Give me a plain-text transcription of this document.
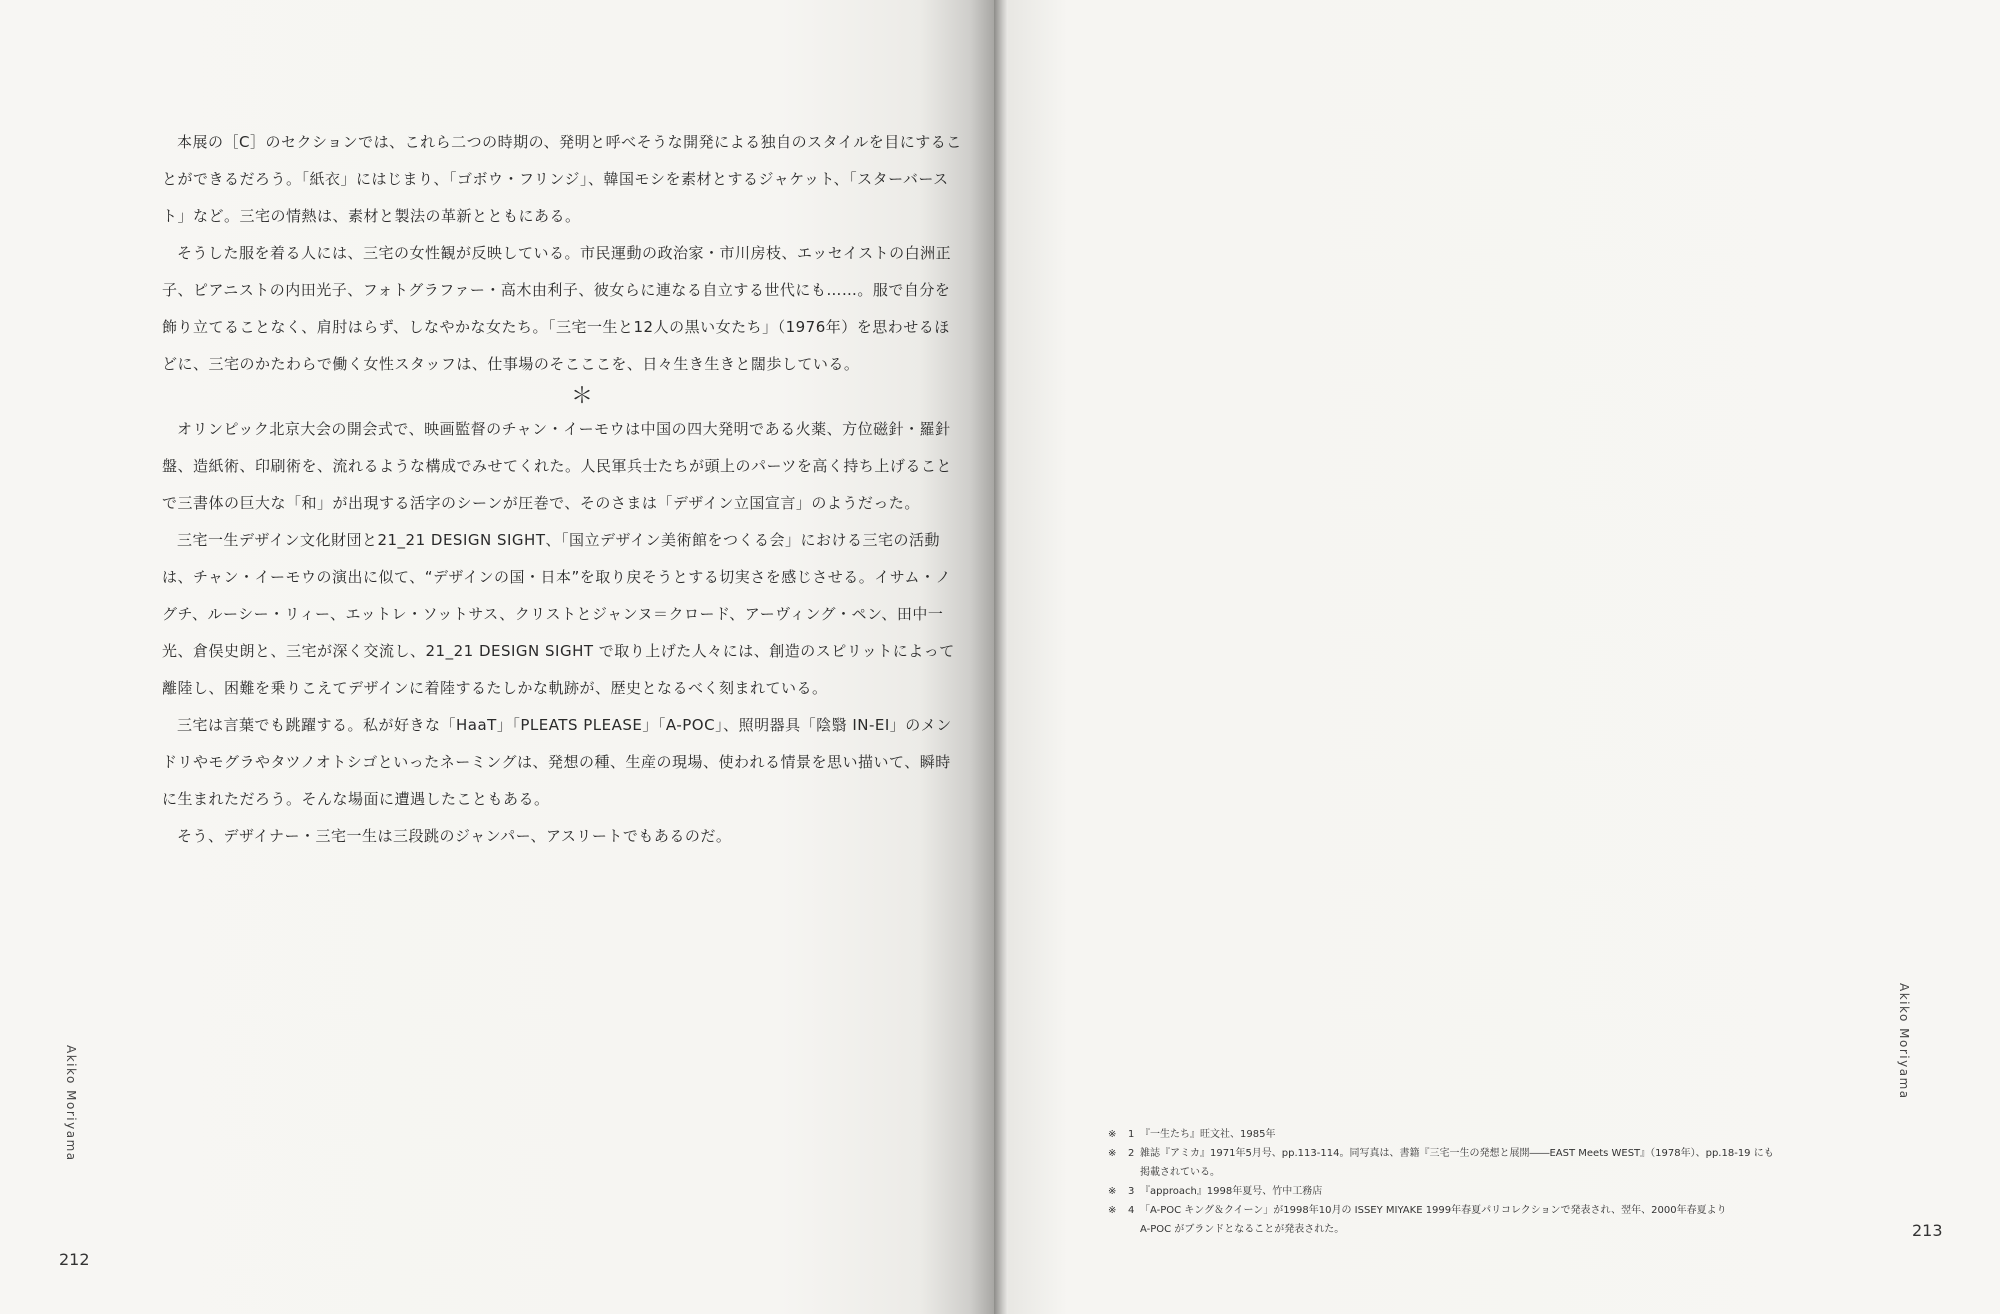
本展の［C］のセクションでは、これら二つの時期の、発明と呼べそうな開発による独自のスタイルを目にすることができるだろう。「紙衣」にはじまり、「ゴボウ・フリンジ」、韓国モシを素材とするジャケット、「スターバースト」など。三宅の情熱は、素材と製法の革新とともにある。

そうした服を着る人には、三宅の女性観が反映している。市民運動の政治家・市川房枝、エッセイストの白洲正子、ピアニストの内田光子、フォトグラファー・高木由利子、彼女らに連なる自立する世代にも……。服で自分を飾り立てることなく、肩肘はらず、しなやかな女たち。「三宅一生と12人の黒い女たち」（1976年）を思わせるほどに、三宅のかたわらで働く女性スタッフは、仕事場のそこここを、日々生き生きと闊歩している。

＊

オリンピック北京大会の開会式で、映画監督のチャン・イーモウは中国の四大発明である火薬、方位磁針・羅針盤、造紙術、印刷術を、流れるような構成でみせてくれた。人民軍兵士たちが頭上のパーツを高く持ち上げることで三書体の巨大な「和」が出現する活字のシーンが圧巻で、そのさまは「デザイン立国宣言」のようだった。

三宅一生デザイン文化財団と21_21 DESIGN SIGHT、「国立デザイン美術館をつくる会」における三宅の活動は、チャン・イーモウの演出に似て、“デザインの国・日本”を取り戻そうとする切実さを感じさせる。イサム・ノグチ、ルーシー・リィー、エットレ・ソットサス、クリストとジャンヌ＝クロード、アーヴィング・ペン、田中一光、倉俣史朗と、三宅が深く交流し、21_21 DESIGN SIGHT で取り上げた人々には、創造のスピリットによって離陸し、困難を乗りこえてデザインに着陸するたしかな軌跡が、歴史となるべく刻まれている。

三宅は言葉でも跳躍する。私が好きな「HaaT」「PLEATS PLEASE」「A-POC」、照明器具「陰翳 IN-EI」のメンドリやモグラやタツノオトシゴといったネーミングは、発想の種、生産の現場、使われる情景を思い描いて、瞬時に生まれただろう。そんな場面に遭遇したこともある。

そう、デザイナー・三宅一生は三段跳のジャンパー、アスリートでもあるのだ。

Akiko Moriyama
212
Akiko Moriyama
213
※	1 『一生たち』旺文社、1985年
※	2 雑誌『アミカ』1971年5月号、pp.113-114。同写真は、書籍『三宅一生の発想と展開――EAST Meets WEST』（1978年）、pp.18-19 にも
掲載されている。
※	3 『approach』1998年夏号、竹中工務店
※	4 「A-POC キング＆クイーン」が1998年10月の ISSEY MIYAKE 1999年春夏パリコレクションで発表され、翌年、2000年春夏より
A-POC がブランドとなることが発表された。
